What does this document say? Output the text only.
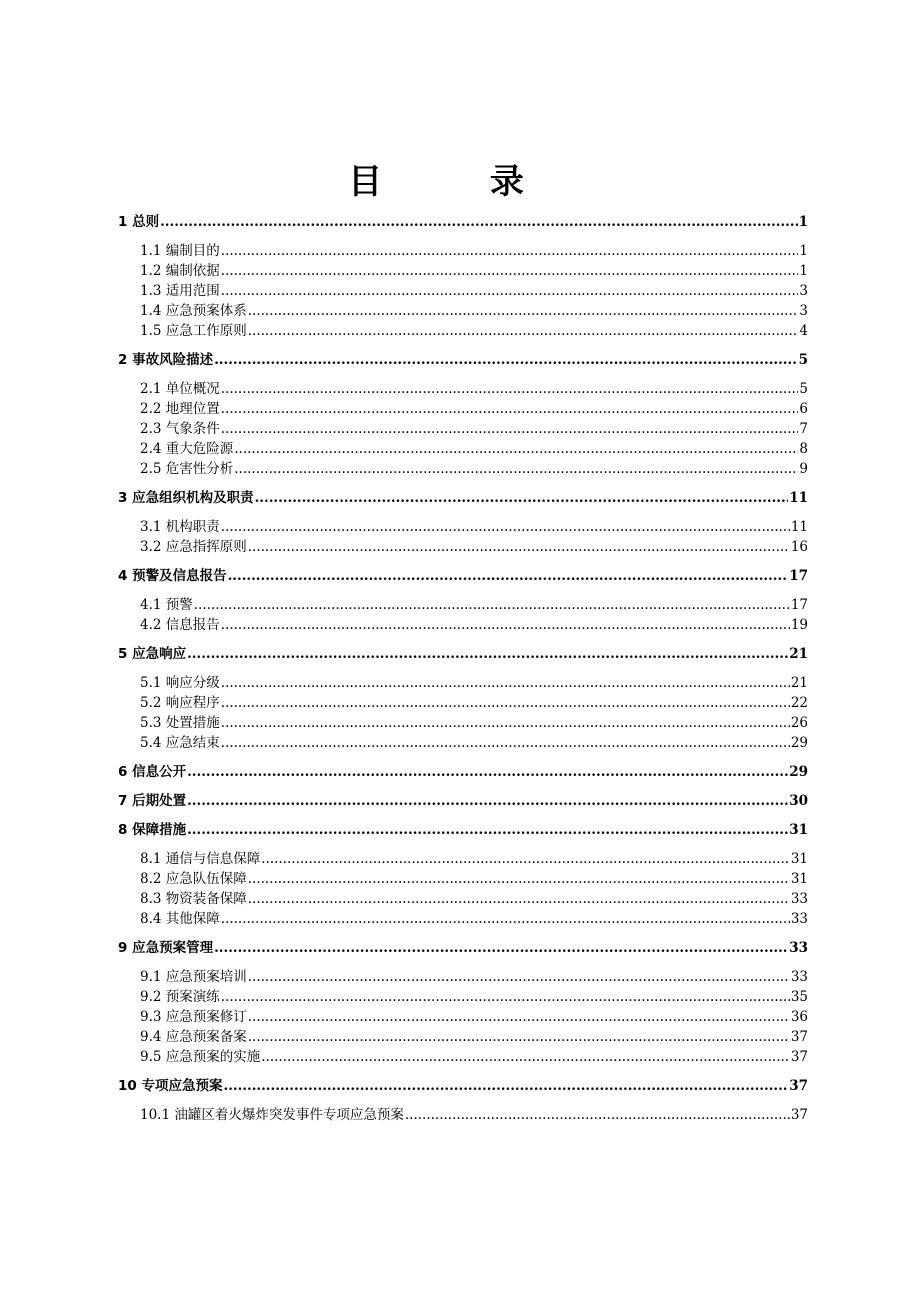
目 录
1 总则 .....	1
1.1 编制目的 .....	1
1.2 编制依据 .....	1
1.3 适用范围 .....	3
1.4 应急预案体系 .....	3
1.5 应急工作原则 .....	4
2 事故风险描述 .....	5
2.1 单位概况 .....	5
2.2 地理位置 .....	6
2.3 气象条件 .....	7
2.4 重大危险源 .....	8
2.5 危害性分析 .....	9
3 应急组织机构及职责 .....	11
3.1 机构职责 .....	11
3.2 应急指挥原则 .....	16
4 预警及信息报告 .....	17
4.1 预警 .....	17
4.2 信息报告 .....	19
5 应急响应 .....	21
5.1 响应分级 .....	21
5.2 响应程序 .....	22
5.3 处置措施 .....	26
5.4 应急结束 .....	29
6 信息公开 .....	29
7 后期处置 .....	30
8 保障措施 .....	31
8.1 通信与信息保障 .....	31
8.2 应急队伍保障 .....	31
8.3 物资装备保障 .....	33
8.4 其他保障 .....	33
9 应急预案管理 .....	33
9.1 应急预案培训 .....	33
9.2 预案演练 .....	35
9.3 应急预案修订 .....	36
9.4 应急预案备案 .....	37
9.5 应急预案的实施 .....	37
10 专项应急预案 .....	37
10.1 油罐区着火爆炸突发事件专项应急预案 .....	37
